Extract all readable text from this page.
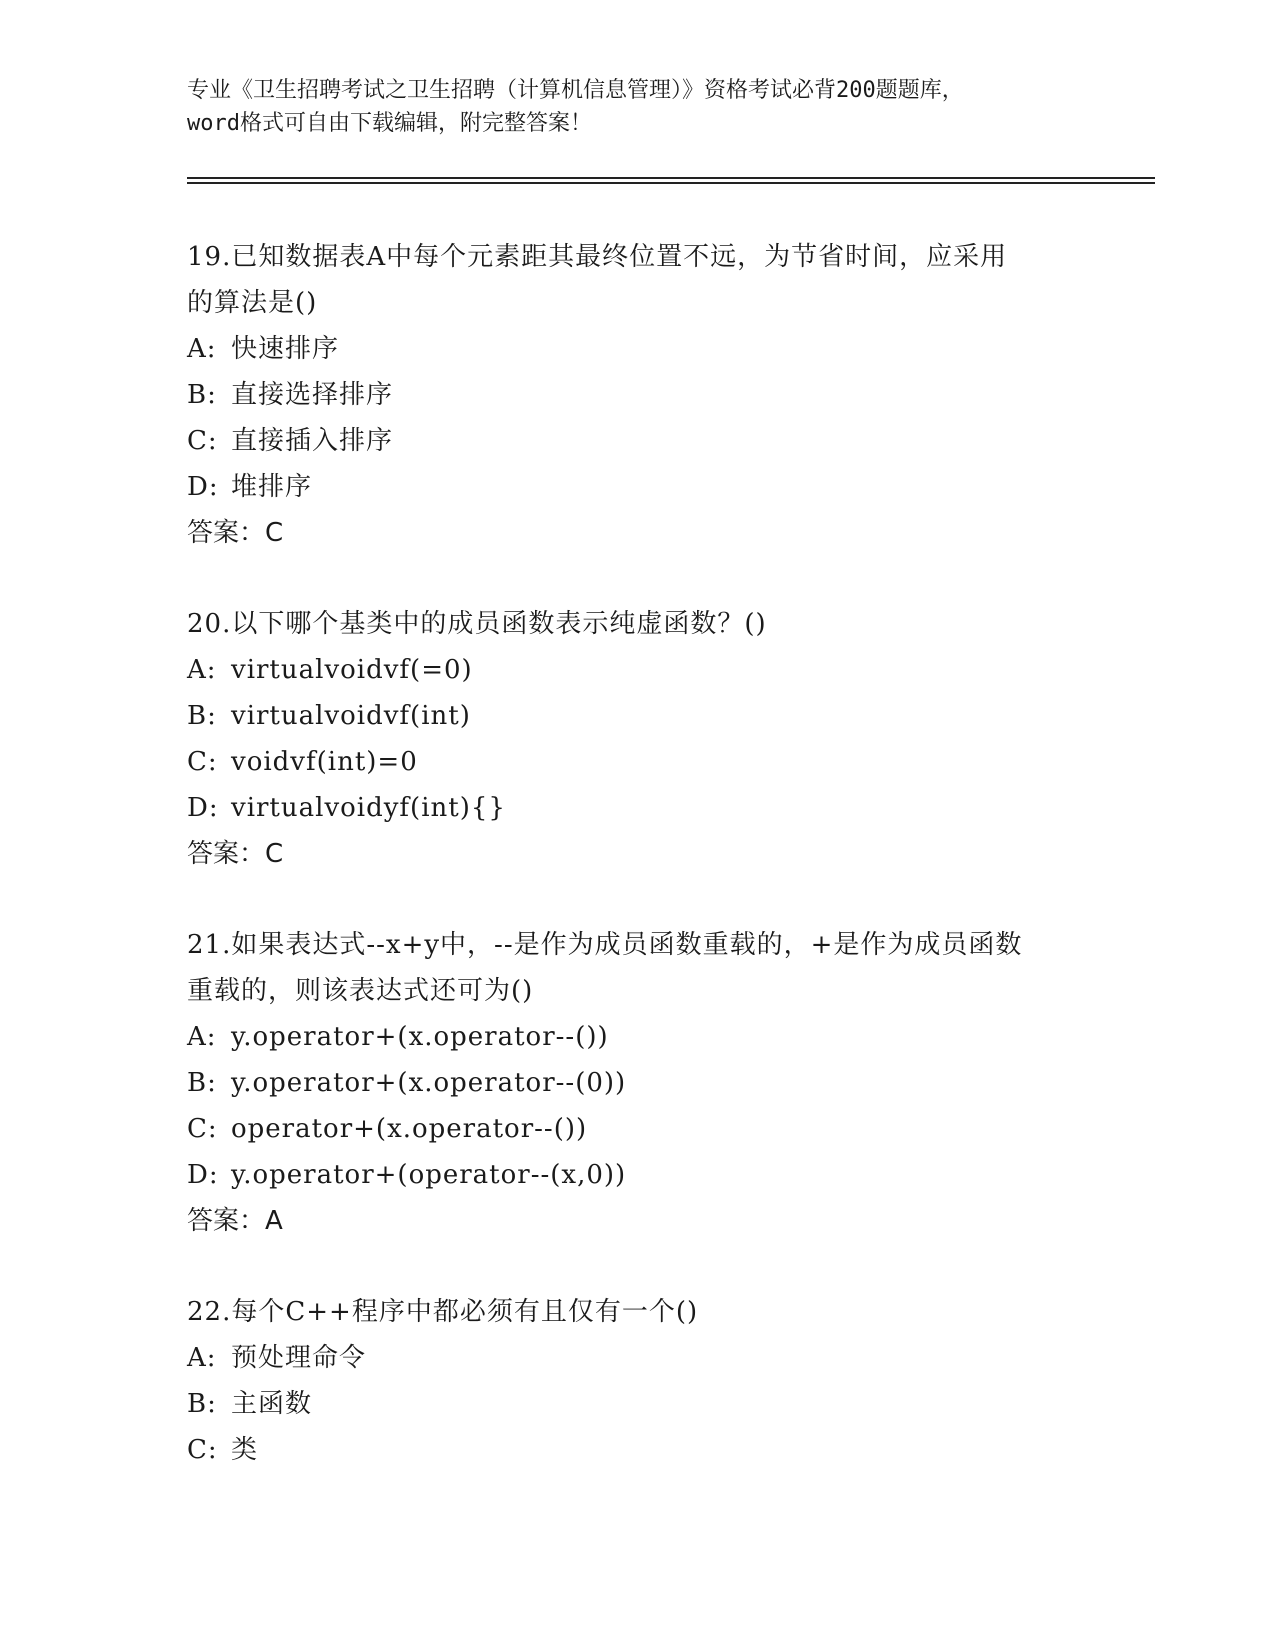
专业《卫生招聘考试之卫生招聘（计算机信息管理）》资格考试必背200题题库，
word格式可自由下载编辑，附完整答案！
19.已知数据表A中每个元素距其最终位置不远，为节省时间，应采用
的算法是()
A: 快速排序
B: 直接选择排序
C: 直接插入排序
D: 堆排序
答案：C
20.以下哪个基类中的成员函数表示纯虚函数？()
A: virtualvoidvf(=0)
B: virtualvoidvf(int)
C: voidvf(int)=0
D: virtualvoidyf(int){}
答案：C
21.如果表达式--x+y中，--是作为成员函数重载的，+是作为成员函数
重载的，则该表达式还可为()
A: y.operator+(x.operator--())
B: y.operator+(x.operator--(0))
C: operator+(x.operator--())
D: y.operator+(operator--(x,0))
答案：A
22.每个C++程序中都必须有且仅有一个()
A: 预处理命令
B: 主函数
C: 类
